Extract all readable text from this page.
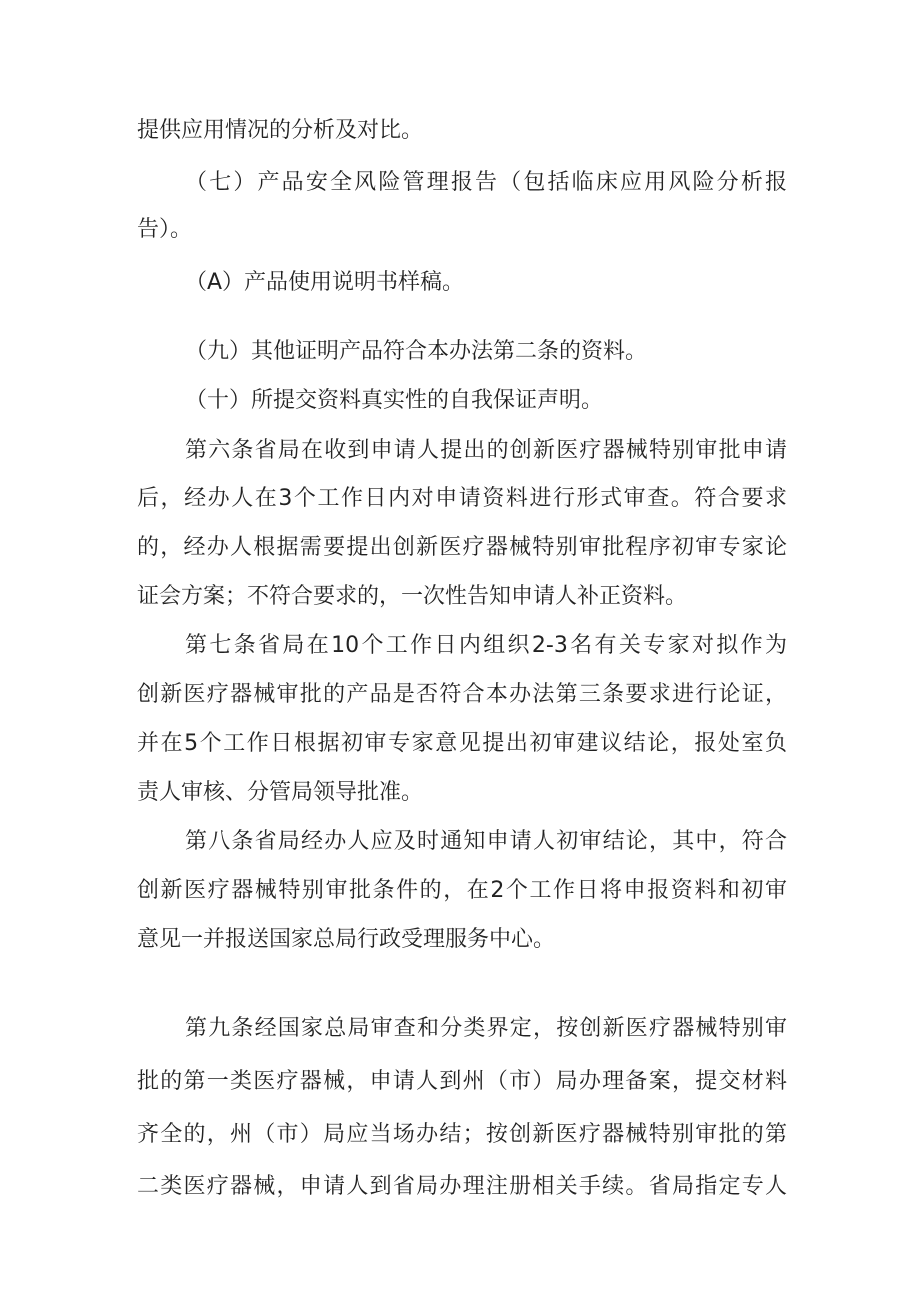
提供应用情况的分析及对比。
（七）产品安全风险管理报告（包括临床应用风险分析报
告）。
（A）产品使用说明书样稿。
（九）其他证明产品符合本办法第二条的资料。
（十）所提交资料真实性的自我保证声明。
第六条省局在收到申请人提出的创新医疗器械特别审批申请
后，经办人在3个工作日内对申请资料进行形式审查。符合要求
的，经办人根据需要提出创新医疗器械特别审批程序初审专家论
证会方案；不符合要求的，一次性告知申请人补正资料。
第七条省局在10个工作日内组织2-3名有关专家对拟作为
创新医疗器械审批的产品是否符合本办法第三条要求进行论证，
并在5个工作日根据初审专家意见提出初审建议结论，报处室负
责人审核、分管局领导批准。
第八条省局经办人应及时通知申请人初审结论，其中，符合
创新医疗器械特别审批条件的，在2个工作日将申报资料和初审
意见一并报送国家总局行政受理服务中心。
第九条经国家总局审查和分类界定，按创新医疗器械特别审
批的第一类医疗器械，申请人到州（市）局办理备案，提交材料
齐全的，州（市）局应当场办结；按创新医疗器械特别审批的第
二类医疗器械，申请人到省局办理注册相关手续。省局指定专人
